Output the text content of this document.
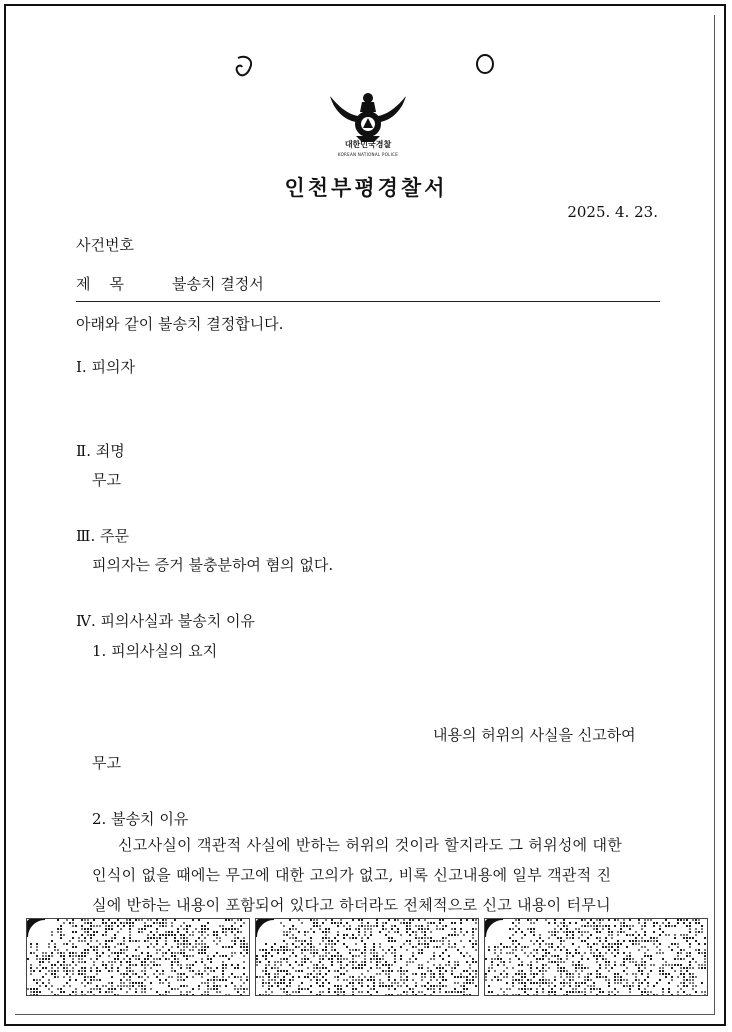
대한민국경찰
KOREAN NATIONAL POLICE
인천부평경찰서
2025. 4. 23.
사건번호
제    목	불송치 결정서
아래와 같이 불송치 결정합니다.
Ⅰ. 피의자
Ⅱ. 죄명
무고
Ⅲ. 주문
피의자는 증거 불충분하여 혐의 없다.
Ⅳ. 피의사실과 불송치 이유
1. 피의사실의 요지
내용의 허위의 사실을 신고하여
무고
2. 불송치 이유
신고사실이 객관적 사실에 반하는 허위의 것이라 할지라도 그 허위성에 대한
인식이 없을 때에는 무고에 대한 고의가 없고, 비록 신고내용에 일부 객관적 진
실에 반하는 내용이 포함되어 있다고 하더라도 전체적으로 신고 내용이 터무니
